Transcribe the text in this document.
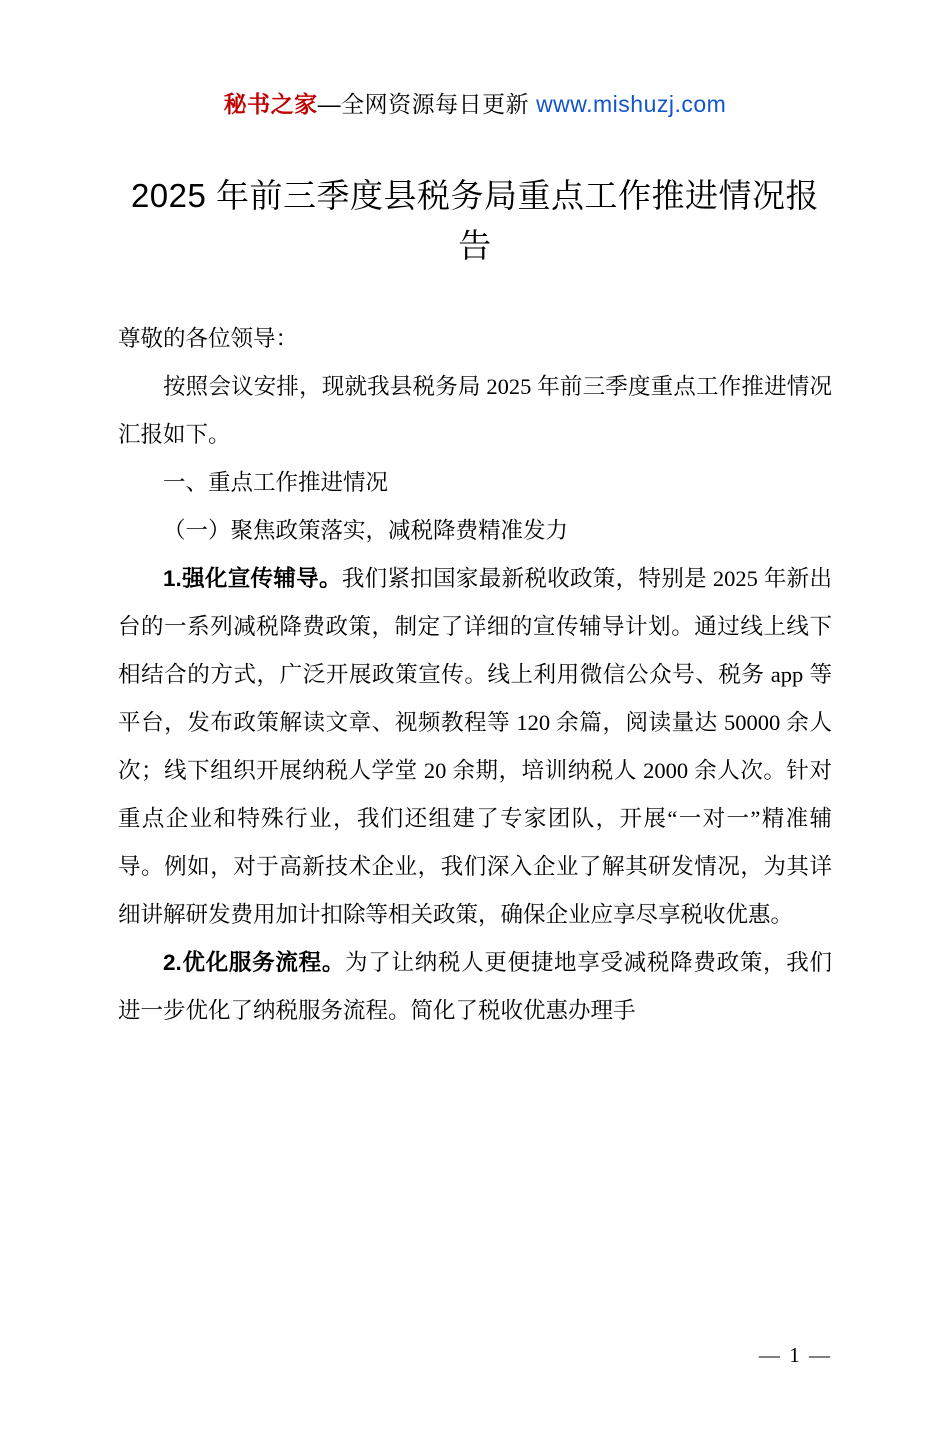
秘书之家—全网资源每日更新 www.mishuzj.com
2025 年前三季度县税务局重点工作推进情况报告

尊敬的各位领导：

按照会议安排，现就我县税务局 2025 年前三季度重点工作推进情况汇报如下。

一、重点工作推进情况

（一）聚焦政策落实，减税降费精准发力

1.强化宣传辅导。我们紧扣国家最新税收政策，特别是 2025 年新出台的一系列减税降费政策，制定了详细的宣传辅导计划。通过线上线下相结合的方式，广泛开展政策宣传。线上利用微信公众号、税务 app 等平台，发布政策解读文章、视频教程等 120 余篇，阅读量达 50000 余人次；线下组织开展纳税人学堂 20 余期，培训纳税人 2000 余人次。针对重点企业和特殊行业，我们还组建了专家团队，开展“一对一”精准辅导。例如，对于高新技术企业，我们深入企业了解其研发情况，为其详细讲解研发费用加计扣除等相关政策，确保企业应享尽享税收优惠。

2.优化服务流程。为了让纳税人更便捷地享受减税降费政策，我们进一步优化了纳税服务流程。简化了税收优惠办理手

— 1 —
